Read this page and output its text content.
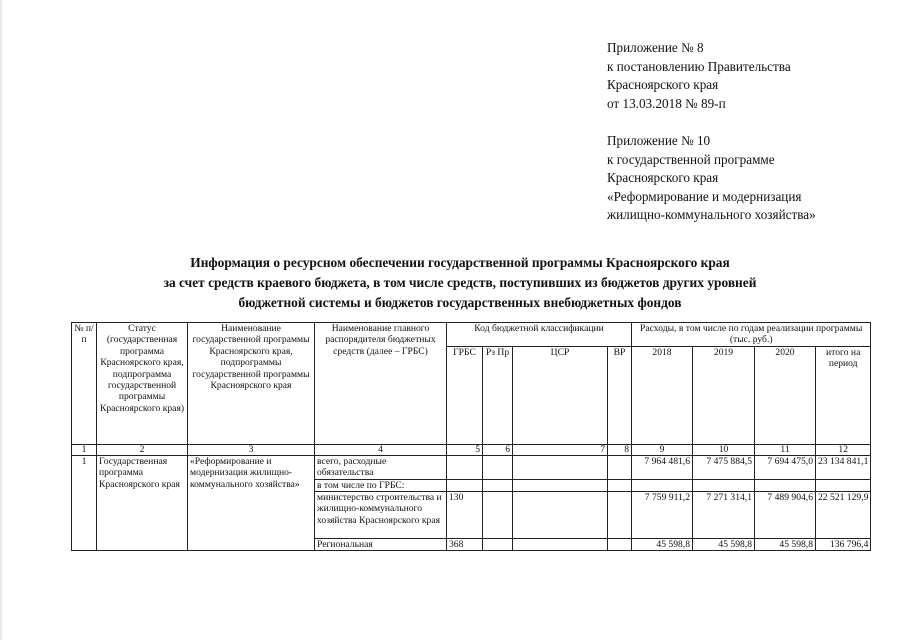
Приложение № 8
к постановлению Правительства
Красноярского края
от 13.03.2018 № 89-п
Приложение № 10
к государственной программе
Красноярского края
«Реформирование и модернизация
жилищно-коммунального хозяйства»
Информация о ресурсном обеспечении государственной программы Красноярского края
за счет средств краевого бюджета, в том числе средств, поступивших из бюджетов других уровней
бюджетной системы и бюджетов государственных внебюджетных фондов
№ п/п	Статус (государственная программа Красноярского края, подпрограмма государственной программы Красноярского края)	Наименование государственной программы Красноярского края, подпрограммы государственной программы Красноярского края	Наименование главного распорядителя бюджетных средств (далее – ГРБС)	Код бюджетной классификации				Расходы, в том числе по годам реализации программы (тыс. руб.)			
				ГРБС	Рз Пр	ЦСР	ВР	2018	2019	2020	итого на период
1	2	3	4	5	6	7	8	9	10	11	12
1	Государственная программа Красноярского края	«Реформирование и модернизация жилищно-коммунального хозяйства»	всего, расходные обязательства					7 964 481,6	7 475 884,5	7 694 475,0	23 134 841,1
			в том числе по ГРБС:								
			министерство строительства и жилищно-коммунального хозяйства Красноярского края	130				7 759 911,2	7 271 314,1	7 489 904,6	22 521 129,9
			Региональная	368				45 598,8	45 598,8	45 598,8	136 796,4
